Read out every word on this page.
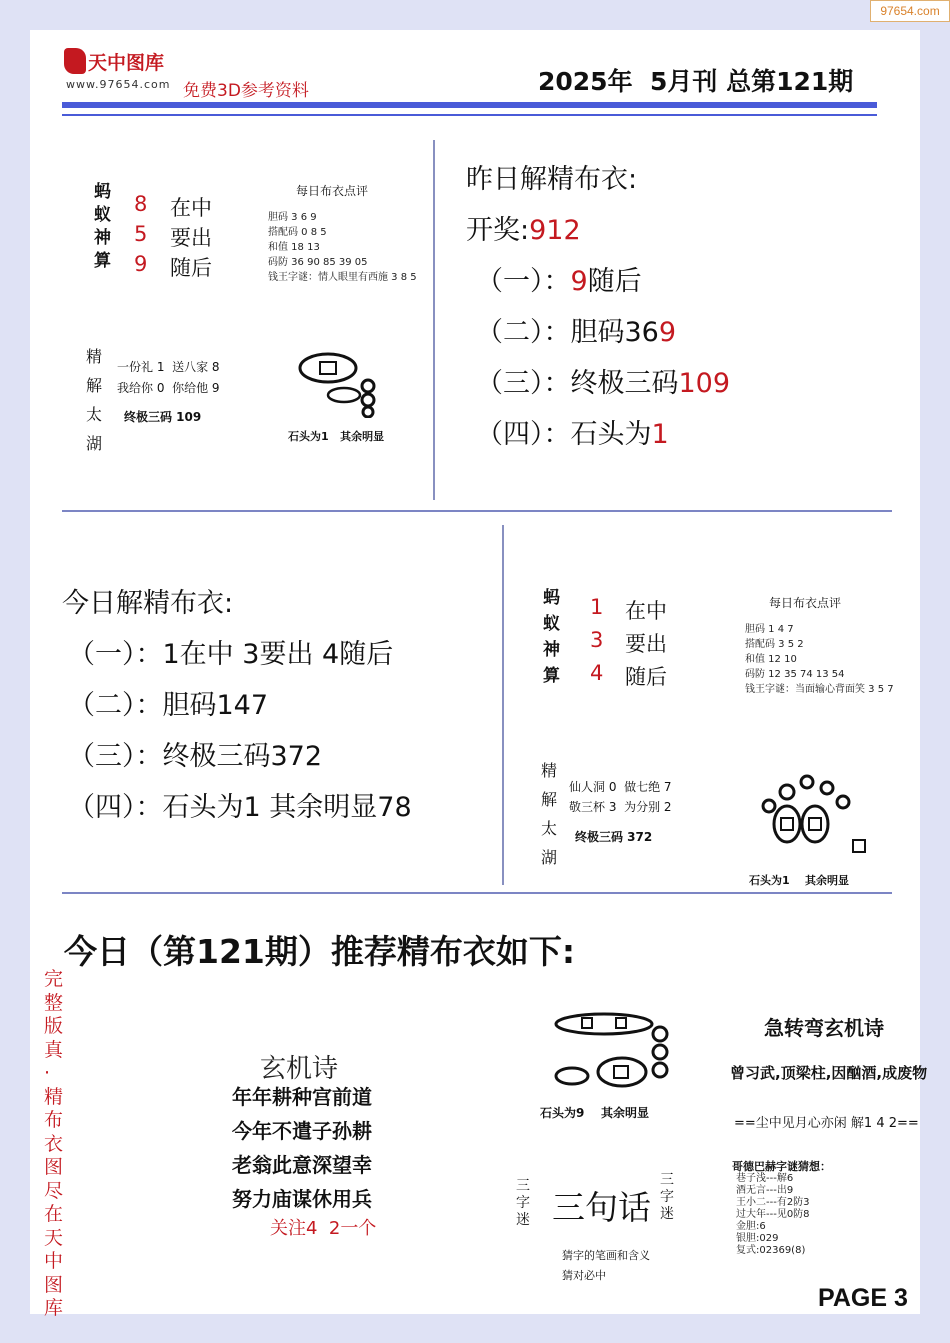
97654.com
天中图库
www.97654.com 免费3D参考资料	2025年  5月刊 总第121期
蚂蚁神算 8
5
9
在中
要出
随后
每日布衣点评
胆码 3 6 9
搭配码 0 8 5
和值 18 13
码防 36 90 85 39 05
钱王字谜：情人眼里有西施 3 8 5
精解太湖
一份礼 1  送八家 8
我给你 0  你给他 9
终极三码 109
石头为1   其余明显
昨日解精布衣:
开奖:912
（一）：9随后
（二）：胆码369
（三）：终极三码109
（四）：石头为1
今日解精布衣:
（一）：1在中 3要出 4随后
（二）：胆码147
（三）：终极三码372
（四）：石头为1 其余明显78
蚂蚁神算
1
3
4
在中
要出
随后
每日布衣点评
胆码 1 4 7
搭配码 3 5 2
和值 12 10
码防 12 35 74 13 54
钱王字谜：当面输心背面笑 3 5 7
精解太湖
仙人洞 0  做七绝 7
敬三杯 3  为分别 2
终极三码 372
石头为1    其余明显
今日（第121期）推荐精布衣如下:
完整版真·精布衣图尽在天中图库
玄机诗
年年耕种宫前道
今年不遣子孙耕
老翁此意深望幸
努力庙谋休用兵
关注4  2一个
石头为9    其余明显
三字迷 三句话
三字迷
猜字的笔画和含义
猜对必中
急转弯玄机诗
曾习武,顶梁柱,因酗酒,成废物
==尘中见月心亦闲 解1 4 2==
哥德巴赫字谜猜想：
巷子浅---解6
酒无言---出9
王小二---有2防3
过大年---见0防8
金胆:6
银胆:029
复式:02369(8)
PAGE 3
